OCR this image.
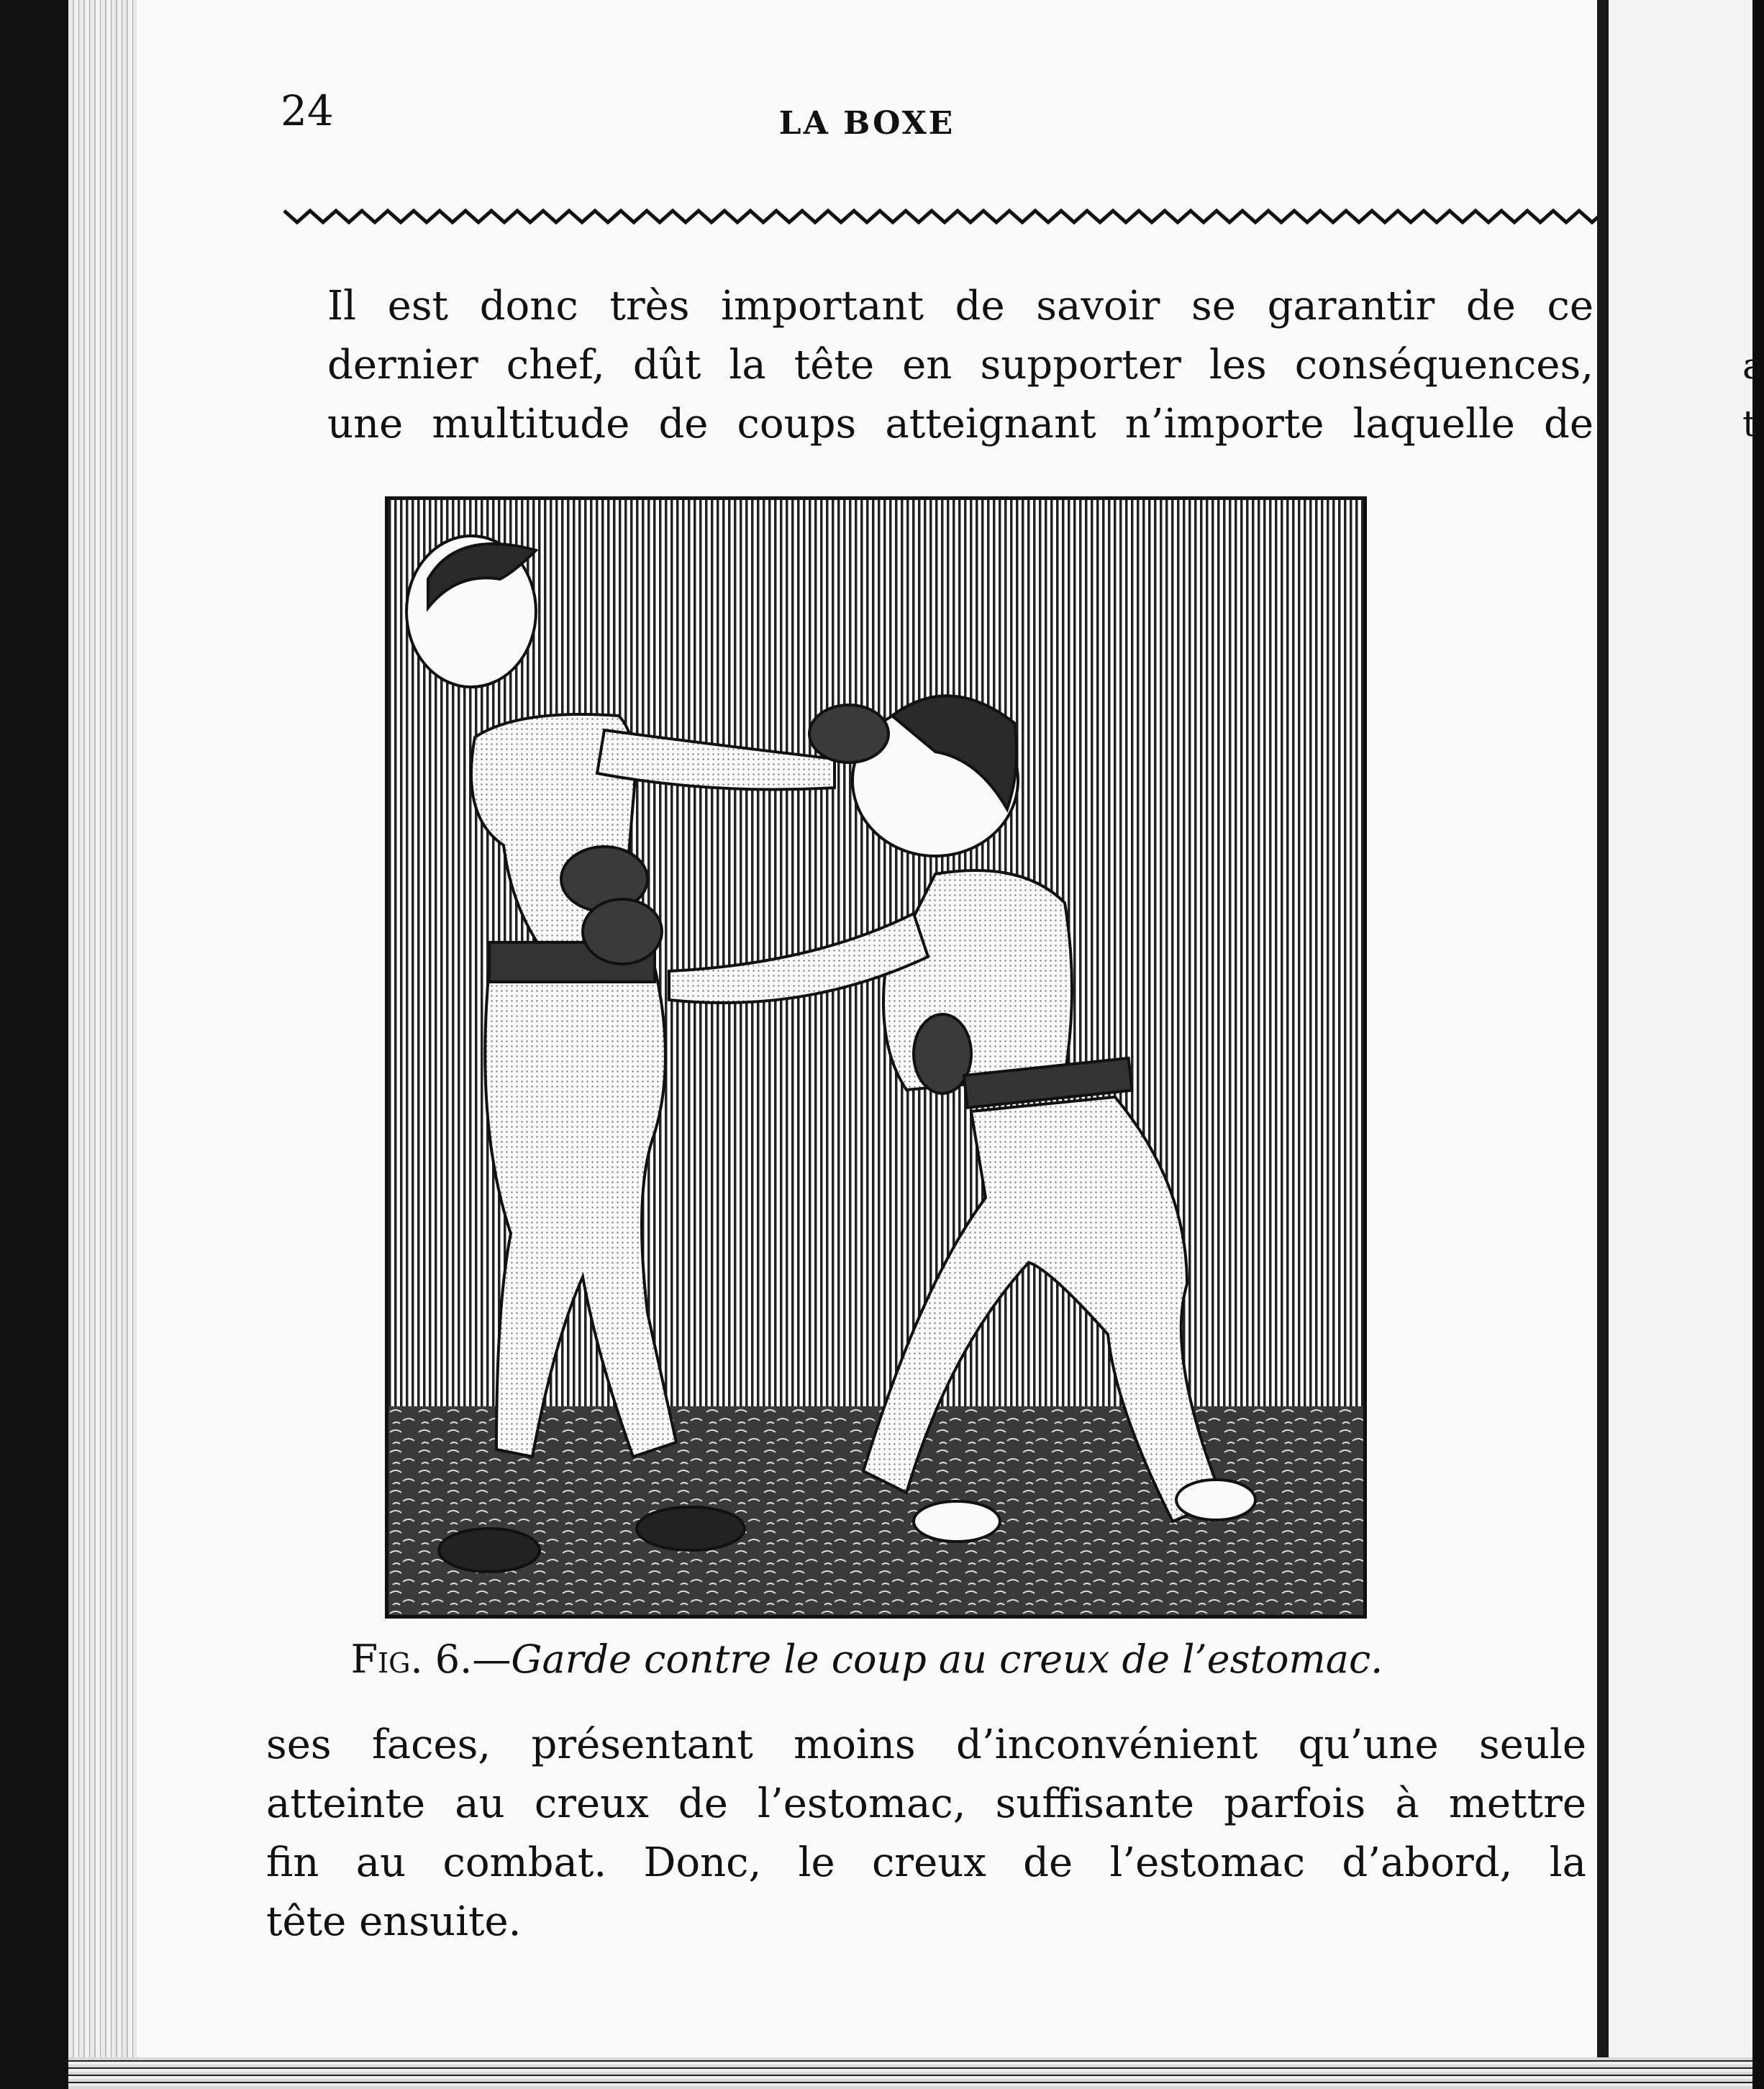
24	LA BOXE

Il est donc très important de savoir se garantir de ce
dernier chef, dût la tête en supporter les conséquences,
une multitude de coups atteignant n’importe laquelle de

Fig. 6.—Garde contre le coup au creux de l’estomac.

ses faces, présentant moins d’inconvénient qu’une seule
atteinte au creux de l’estomac, suffisante parfois à mettre
fin au combat. Donc, le creux de l’estomac d’abord, la
tête ensuite.

a
t
